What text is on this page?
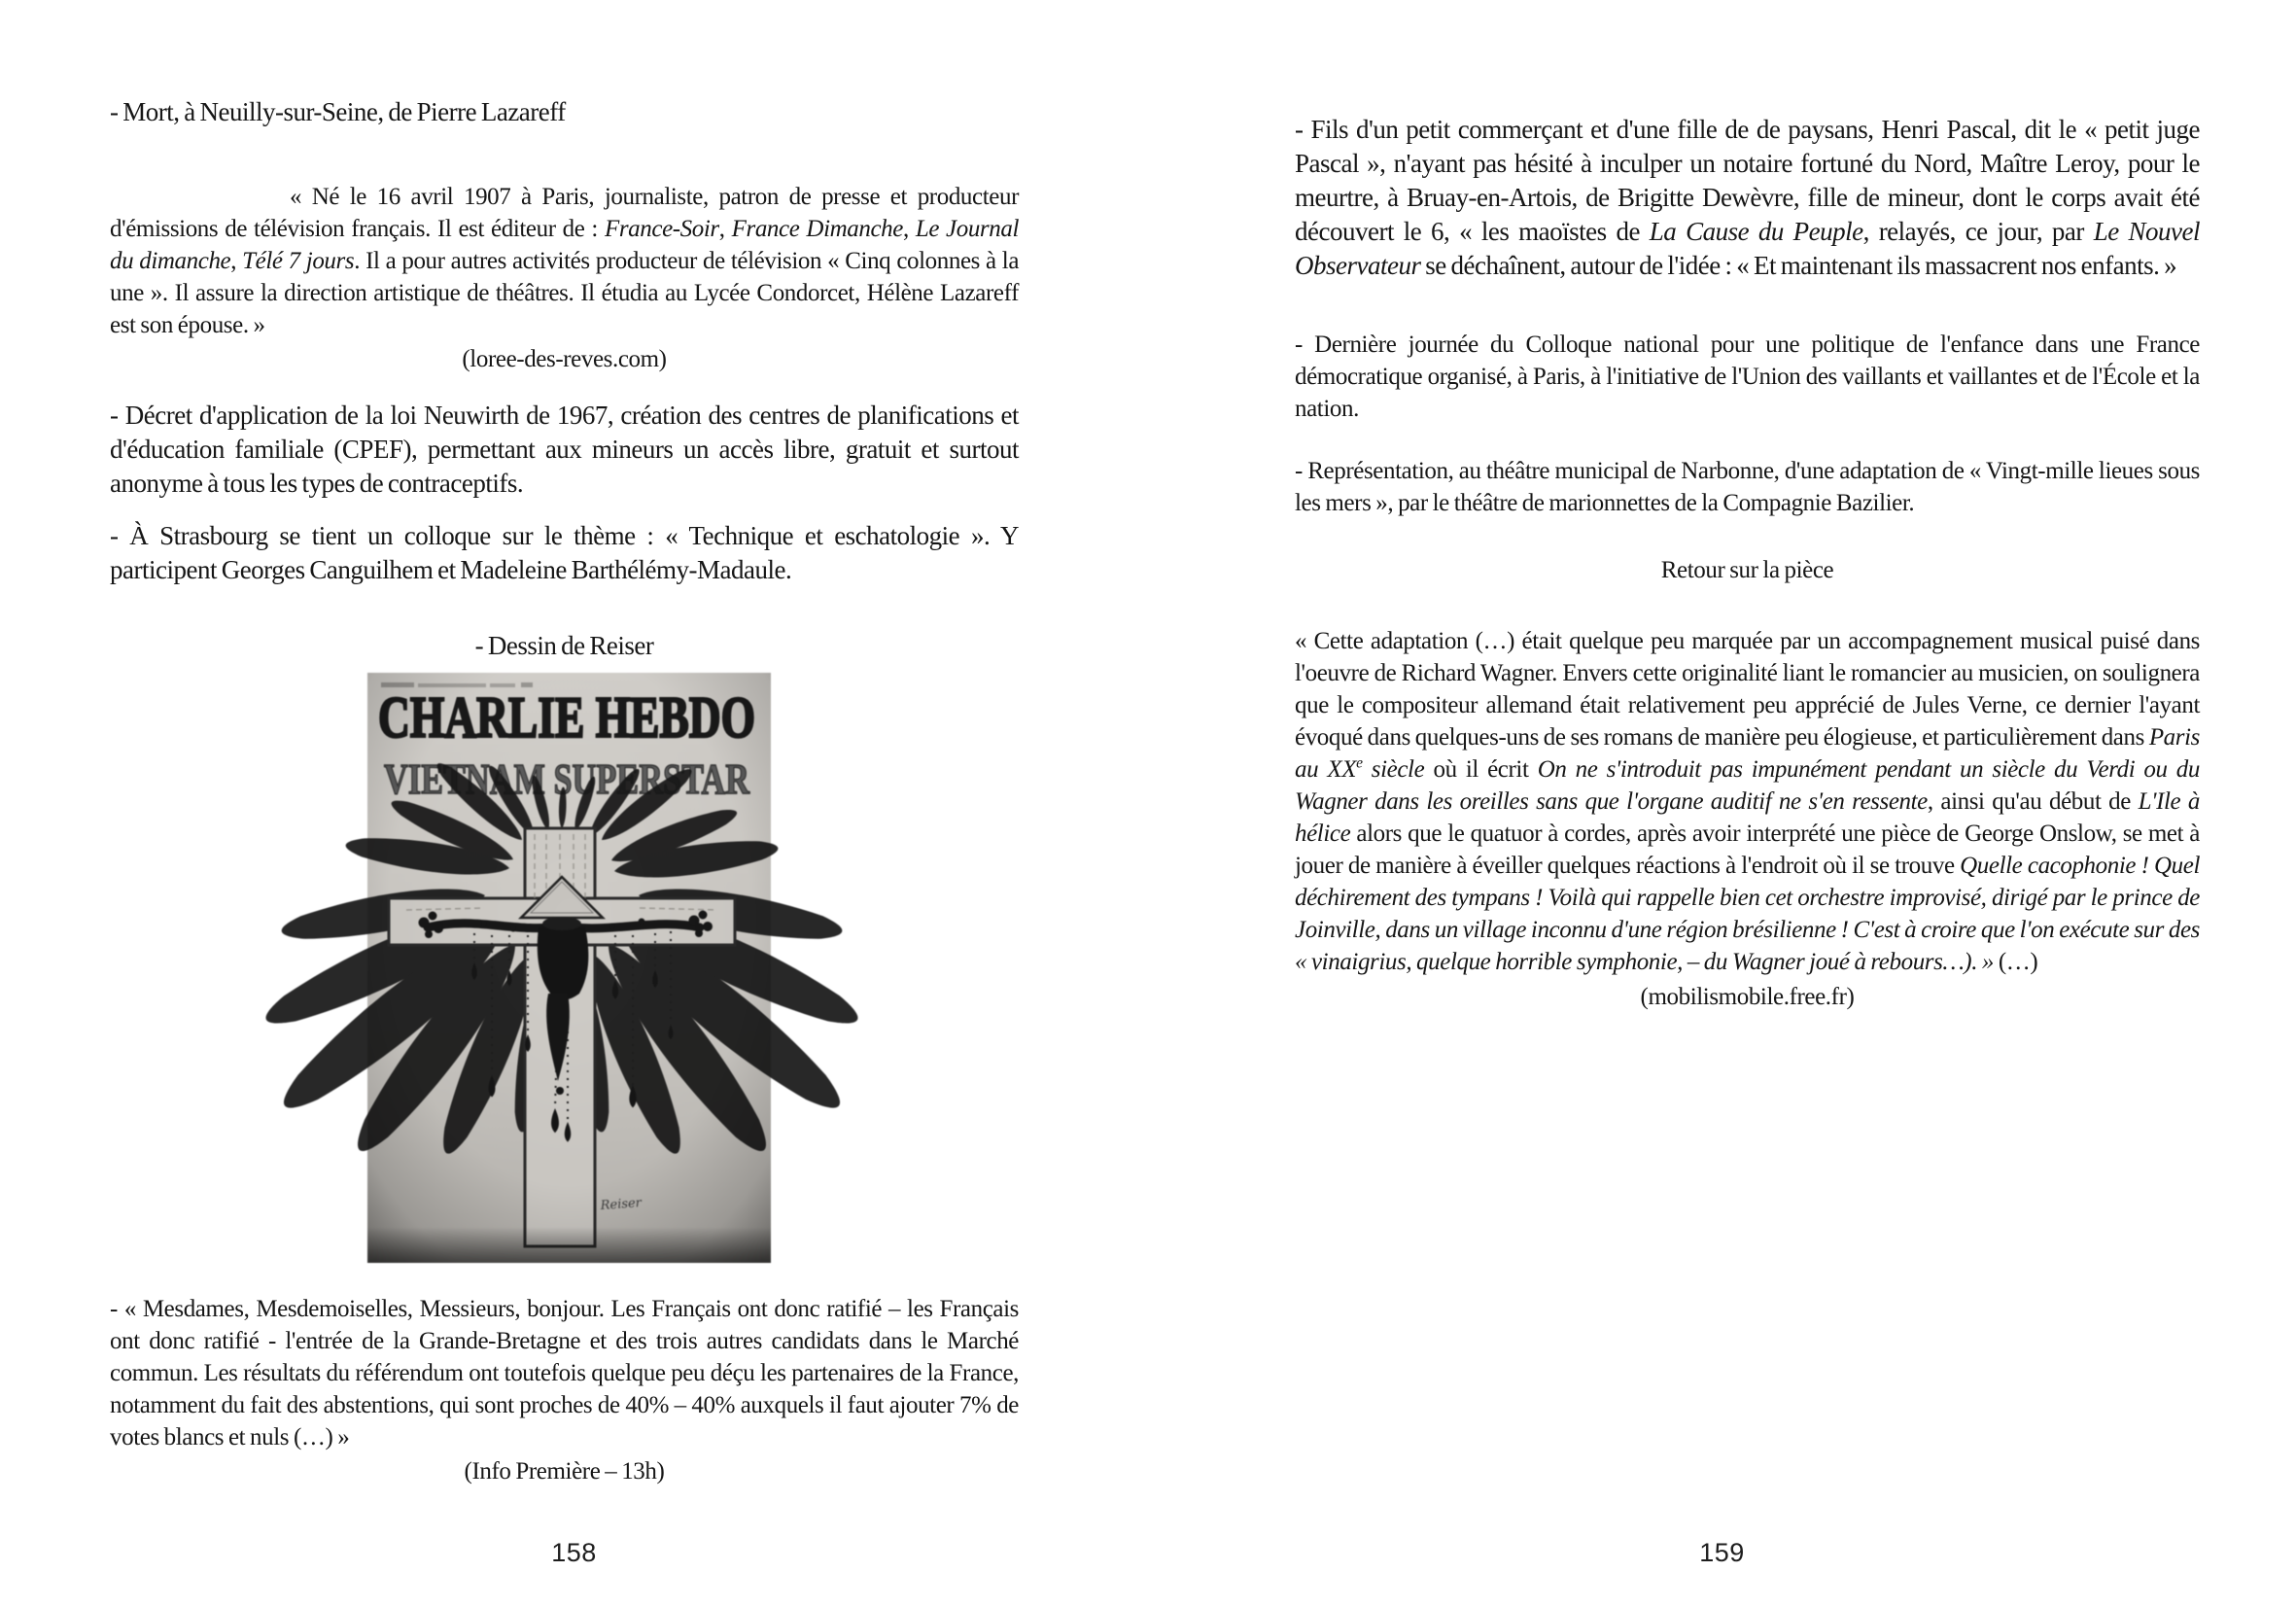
- Mort, à Neuilly-sur-Seine, de Pierre Lazareff

« Né le 16 avril 1907 à Paris, journaliste, patron de presse et producteur d'émissions de télévision français. Il est éditeur de : France-Soir, France Dimanche, Le Journal du dimanche, Télé 7 jours. Il a pour autres activités producteur de télévision « Cinq colonnes à la une ». Il assure la direction artistique de théâtres. Il étudia au Lycée Condorcet, Hélène Lazareff est son épouse. »

(loree-des-reves.com)

- Décret d'application de la loi Neuwirth de 1967, création des centres de planifications et d'éducation familiale (CPEF), permettant aux mineurs un accès libre, gratuit et surtout anonyme à tous les types de contraceptifs.

- À Strasbourg se tient un colloque sur le thème : « Technique et eschatologie ». Y participent Georges Canguilhem et Madeleine Barthélémy-Madaule.

- Dessin de Reiser

- « Mesdames, Mesdemoiselles, Messieurs, bonjour. Les Français ont donc ratifié – les Français ont donc ratifié - l'entrée de la Grande-Bretagne et des trois autres candidats dans le Marché commun. Les résultats du référendum ont toutefois quelque peu déçu les partenaires de la France, notamment du fait des abstentions, qui sont proches de 40% – 40% auxquels il faut ajouter 7% de votes blancs et nuls (…) »

(Info Première – 13h)

158

- Fils d'un petit commerçant et d'une fille de de paysans, Henri Pascal, dit le « petit juge Pascal », n'ayant pas hésité à inculper un notaire fortuné du Nord, Maître Leroy, pour le meurtre, à Bruay-en-Artois, de Brigitte Dewèvre, fille de mineur, dont le corps avait été découvert le 6, « les maoïstes de La Cause du Peuple, relayés, ce jour, par Le Nouvel Observateur se déchaînent, autour de l'idée : « Et maintenant ils massacrent nos enfants. »

- Dernière journée du Colloque national pour une politique de l'enfance dans une France démocratique organisé, à Paris, à l'initiative de l'Union des vaillants et vaillantes et de l'École et la nation.

- Représentation, au théâtre municipal de Narbonne, d'une adaptation de « Vingt-mille lieues sous les mers », par le théâtre de marionnettes de la Compagnie Bazilier.

Retour sur la pièce

« Cette adaptation (…) était quelque peu marquée par un accompagnement musical puisé dans l'oeuvre de Richard Wagner. Envers cette originalité liant le romancier au musicien, on soulignera que le compositeur allemand était relativement peu apprécié de Jules Verne, ce dernier l'ayant évoqué dans quelques-uns de ses romans de manière peu élogieuse, et particulièrement dans Paris au XXe siècle où il écrit On ne s'introduit pas impunément pendant un siècle du Verdi ou du Wagner dans les oreilles sans que l'organe auditif ne s'en ressente, ainsi qu'au début de L'Ile à hélice alors que le quatuor à cordes, après avoir interprété une pièce de George Onslow, se met à jouer de manière à éveiller quelques réactions à l'endroit où il se trouve Quelle cacophonie ! Quel déchirement des tympans ! Voilà qui rappelle bien cet orchestre improvisé, dirigé par le prince de Joinville, dans un village inconnu d'une région brésilienne ! C'est à croire que l'on exécute sur des « vinaigrius, quelque horrible symphonie, – du Wagner joué à rebours…). » (…)

(mobilismobile.free.fr)

159
